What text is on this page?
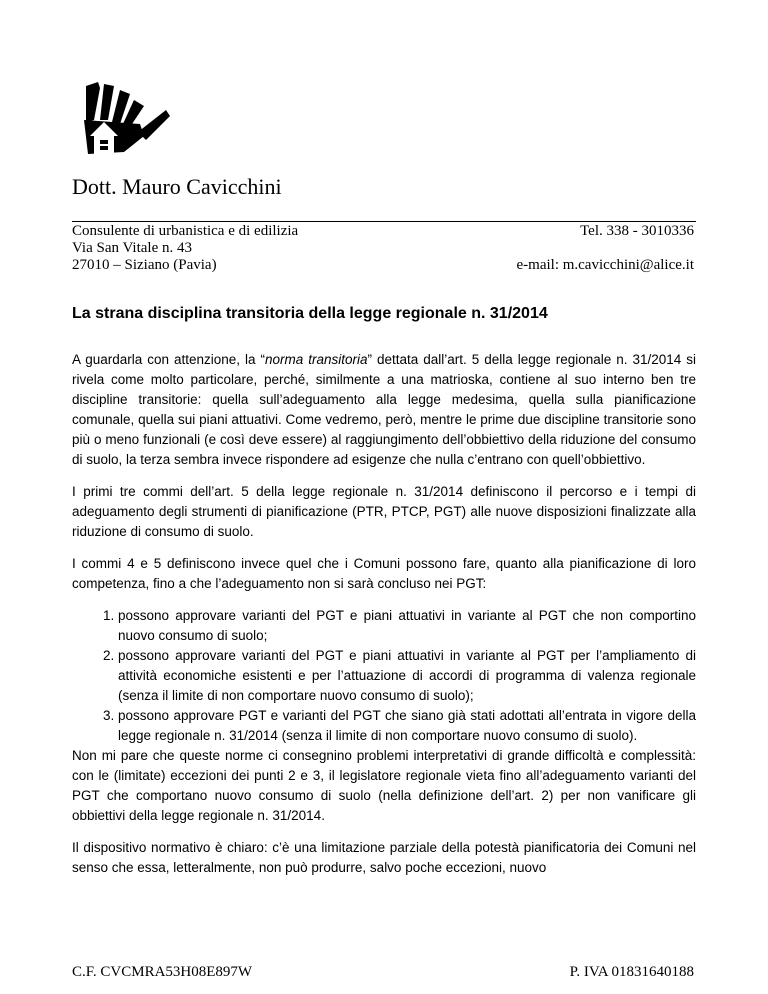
Dott. Mauro Cavicchini
Consulente di urbanistica e di edilizia
Via San Vitale n. 43
27010 – Siziano (Pavia)
Tel. 338 - 3010336
e-mail: m.cavicchini@alice.it
La strana disciplina transitoria della legge regionale n. 31/2014

A guardarla con attenzione, la “norma transitoria” dettata dall’art. 5 della legge regionale n. 31/2014 si rivela come molto particolare, perché, similmente a una matrioska, contiene al suo interno ben tre discipline transitorie: quella sull’adeguamento alla legge medesima, quella sulla pianificazione comunale, quella sui piani attuativi. Come vedremo, però, mentre le prime due discipline transitorie sono più o meno funzionali (e così deve essere) al raggiungimento dell’obbiettivo della riduzione del consumo di suolo, la terza sembra invece rispondere ad esigenze che nulla c’entrano con quell’obbiettivo.

I primi tre commi dell’art. 5 della legge regionale n. 31/2014 definiscono il percorso e i tempi di adeguamento degli strumenti di pianificazione (PTR, PTCP, PGT) alle nuove disposizioni finalizzate alla riduzione di consumo di suolo.

I commi 4 e 5 definiscono invece quel che i Comuni possono fare, quanto alla pianificazione di loro competenza, fino a che l’adeguamento non si sarà concluso nei PGT:

1. possono approvare varianti del PGT e piani attuativi in variante al PGT che non comportino nuovo consumo di suolo;
2. possono approvare varianti del PGT e piani attuativi in variante al PGT per l’ampliamento di attività economiche esistenti e per l’attuazione di accordi di programma di valenza regionale (senza il limite di non comportare nuovo consumo di suolo);
3. possono approvare PGT e varianti del PGT che siano già stati adottati all’entrata in vigore della legge regionale n. 31/2014 (senza il limite di non comportare nuovo consumo di suolo).

Non mi pare che queste norme ci consegnino problemi interpretativi di grande difficoltà e complessità: con le (limitate) eccezioni dei punti 2 e 3, il legislatore regionale vieta fino all’adeguamento varianti del PGT che comportano nuovo consumo di suolo (nella definizione dell’art. 2) per non vanificare gli obbiettivi della legge regionale n. 31/2014.

Il dispositivo normativo è chiaro: c’è una limitazione parziale della potestà pianificatoria dei Comuni nel senso che essa, letteralmente, non può produrre, salvo poche eccezioni, nuovo

C.F. CVCMRA53H08E897W	P. IVA 01831640188
